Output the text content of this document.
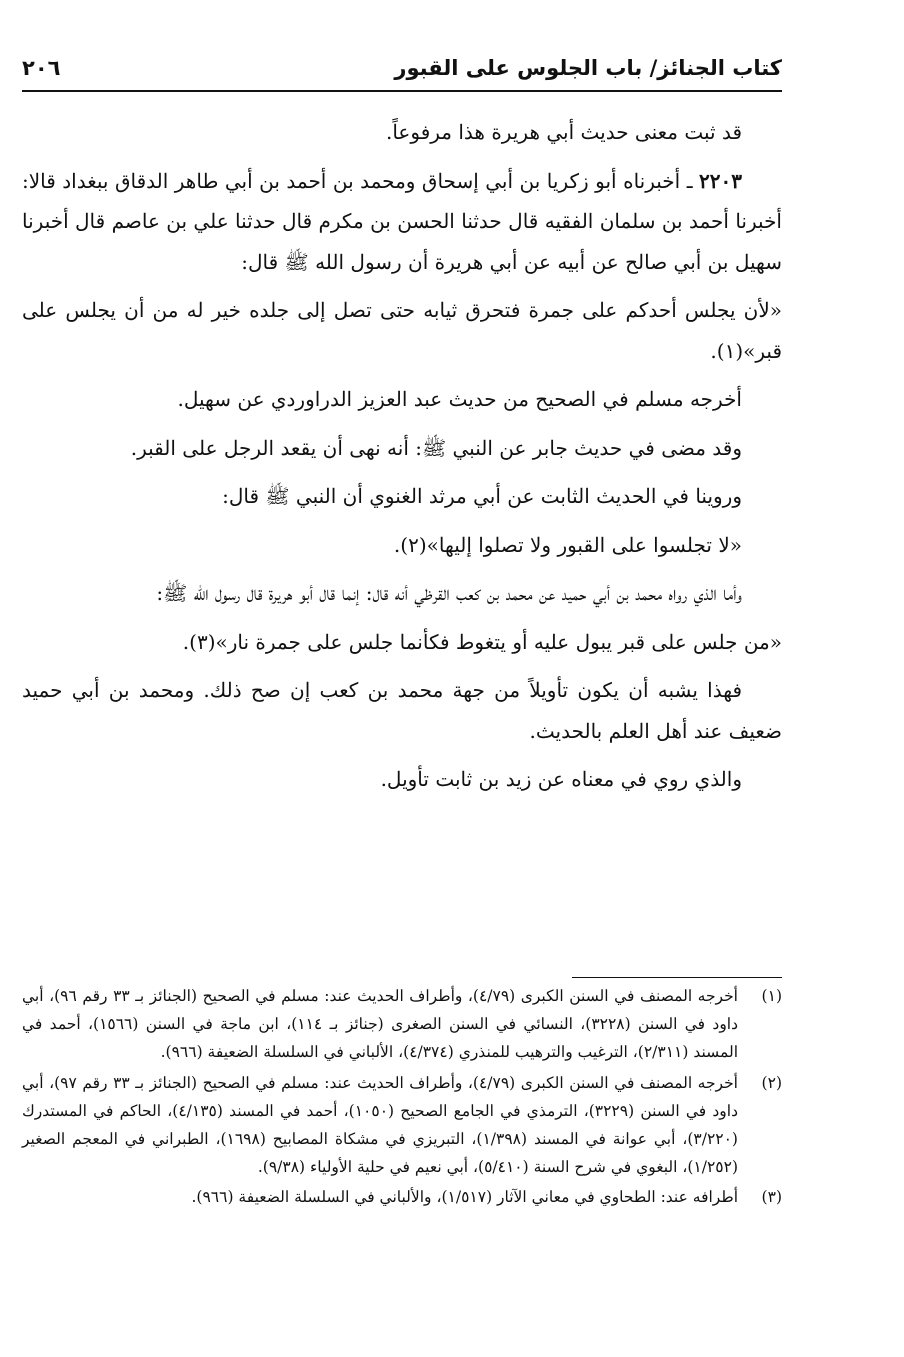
كتاب الجنائز/ باب الجلوس على القبور
٢٠٦

قد ثبت معنى حديث أبي هريرة هذا مرفوعاً.

٢٢٠٣ ـ أخبرناه أبو زكريا بن أبي إسحاق ومحمد بن أحمد بن أبي طاهر الدقاق ببغداد قالا: أخبرنا أحمد بن سلمان الفقيه قال حدثنا الحسن بن مكرم قال حدثنا علي بن عاصم قال أخبرنا سهيل بن أبي صالح عن أبيه عن أبي هريرة أن رسول الله ﷺ قال:

«لأن يجلس أحدكم على جمرة فتحرق ثيابه حتى تصل إلى جلده خير له من أن يجلس على قبر»(١).

أخرجه مسلم في الصحيح من حديث عبد العزيز الدراوردي عن سهيل.

وقد مضى في حديث جابر عن النبي ﷺ: أنه نهى أن يقعد الرجل على القبر.

وروينا في الحديث الثابت عن أبي مرثد الغنوي أن النبي ﷺ قال:

«لا تجلسوا على القبور ولا تصلوا إليها»(٢).

وأما الذي رواه محمد بن أبي حميد عن محمد بن كعب القرظي أنه قال: إنما قال أبو هريرة قال رسول الله ﷺ:

«من جلس على قبر يبول عليه أو يتغوط فكأنما جلس على جمرة نار»(٣).

فهذا يشبه أن يكون تأويلاً من جهة محمد بن كعب إن صح ذلك. ومحمد بن أبي حميد ضعيف عند أهل العلم بالحديث.

والذي روي في معناه عن زيد بن ثابت تأويل.

(١)
أخرجه المصنف في السنن الكبرى (٤/٧٩)، وأطراف الحديث عند: مسلم في الصحيح (الجنائز بـ ٣٣ رقم ٩٦)، أبي داود في السنن (٣٢٢٨)، النسائي في السنن الصغرى (جنائز بـ ١١٤)، ابن ماجة في السنن (١٥٦٦)، أحمد في المسند (٢/٣١١)، الترغيب والترهيب للمنذري (٤/٣٧٤)، الألباني في السلسلة الضعيفة (٩٦٦).
(٢)
أخرجه المصنف في السنن الكبرى (٤/٧٩)، وأطراف الحديث عند: مسلم في الصحيح (الجنائز بـ ٣٣ رقم ٩٧)، أبي داود في السنن (٣٢٢٩)، الترمذي في الجامع الصحيح (١٠٥٠)، أحمد في المسند (٤/١٣٥)، الحاكم في المستدرك (٣/٢٢٠)، أبي عوانة في المسند (١/٣٩٨)، التبريزي في مشكاة المصابيح (١٦٩٨)، الطبراني في المعجم الصغير (١/٢٥٢)، البغوي في شرح السنة (٥/٤١٠)، أبي نعيم في حلية الأولياء (٩/٣٨).
(٣)
أطرافه عند: الطحاوي في معاني الآثار (١/٥١٧)، والألباني في السلسلة الضعيفة (٩٦٦).
